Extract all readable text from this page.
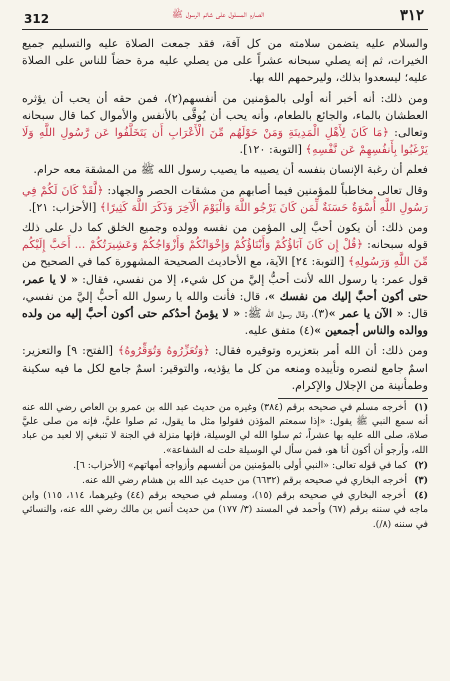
312	الصارم المسلول على شاتم الرسول ﷺ	٣١٢

والسلام عليه يتضمن سلامته من كل آفة، فقد جمعت الصلاة عليه والتسليم جميع الخيرات، ثم إنه يصلي سبحانه عشراً على من يصلي عليه مرة حضاً للناس على الصلاة عليه؛ ليسعدوا بذلك، وليرحمهم الله بها.

ومن ذلك: أنه أخبر أنه أولى بالمؤمنين من أنفسهم(٢)، فمن حقه أن يحب أن يؤثره العطشان بالماء، والجائع بالطعام، وأنه يحب أن يُوقَّى بالأنفس والأموال كما قال سبحانه وتعالى: ﴿مَا كَانَ لِأَهْلِ الْمَدِينَةِ وَمَنْ حَوْلَهُم مِّنَ الْأَعْرَابِ أَن يَتَخَلَّفُوا عَن رَّسُولِ اللَّهِ وَلَا يَرْغَبُوا بِأَنفُسِهِمْ عَن نَّفْسِهِ﴾ [التوبة: ١٢٠].

فعلم أن رغبة الإنسان بنفسه أن يصيبه ما يصيب رسول الله ﷺ من المشقة معه حرام.

وقال تعالى مخاطباً للمؤمنين فيما أصابهم من مشقات الحصر والجهاد: ﴿لَّقَدْ كَانَ لَكُمْ فِي رَسُولِ اللَّهِ أُسْوَةٌ حَسَنَةٌ لِّمَن كَانَ يَرْجُو اللَّهَ وَالْيَوْمَ الْآخِرَ وَذَكَرَ اللَّهَ كَثِيرًا﴾ [الأحزاب: ٢١].

ومن ذلك: أن يكون أحبَّ إلى المؤمن من نفسه وولده وجميع الخلق كما دل على ذلك قوله سبحانه: ﴿قُلْ إِن كَانَ آبَاؤُكُمْ وَأَبْنَاؤُكُمْ وَإِخْوَانُكُمْ وَأَزْوَاجُكُمْ وَعَشِيرَتُكُمْ ... أَحَبَّ إِلَيْكُم مِّنَ اللَّهِ وَرَسُولِهِ﴾ [التوبة: ٢٤] الآية، مع الأحاديث الصحيحة المشهورة كما في الصحيح من قول عمر: يا رسول الله لأنت أحبُّ إليَّ من كل شيء، إلا من نفسي، فقال: « لا يا عمر، حتى أكون أحبَّ إليك من نفسك »، قال: فأنت والله يا رسول الله أحبُّ إليَّ من نفسي، قال: « الآن يا عمر »(٣)، وقال رسول الله ﷺ: « لا يؤمنُ أحدُكم حتى أكون أحبَّ إليه من ولده ووالده والناس أجمعين »(٤) متفق عليه.

ومن ذلك: أن الله أمر بتعزيره وتوقيره فقال: ﴿وَتُعَزِّرُوهُ وَتُوَقِّرُوهُ﴾ [الفتح: ٩] والتعزير: اسمٌ جامع لنصره وتأييده ومنعه من كل ما يؤذيه، والتوقير: اسمٌ جامع لكل ما فيه سكينة وطمأنينة من الإجلال والإكرام.

(١) أخرجه مسلم في صحيحه برقم (٣٨٤) وغيره من حديث عبد الله بن عمرو بن العاص رضي الله عنه أنه سمع النبي ﷺ يقول: «إذا سمعتم المؤذن فقولوا مثل ما يقول، ثم صلوا عليَّ، فإنه من صلى عليَّ صلاة، صلى الله عليه بها عشراً، ثم سلوا الله لي الوسيلة، فإنها منزلة في الجنة لا تنبغي إلا لعبد من عباد الله، وأرجو أن أكون أنا هو، فمن سأل لي الوسيلة حلت له الشفاعة».
(٢) كما في قوله تعالى: «النبي أولى بالمؤمنين من أنفسهم وأزواجه أمهاتهم» [الأحزاب: ٦].
(٣) أخرجه البخاري في صحيحه برقم (٦٦٣٢) من حديث عبد الله بن هشام رضي الله عنه.
(٤) أخرجه البخاري في صحيحه برقم (١٥)، ومسلم في صحيحه برقم (٤٤) وغيرهما، ١١٤، ١١٥) وابن ماجه في سننه برقم (٦٧) وأحمد في المسند (٣/ ١٧٧) من حديث أنس بن مالك رضي الله عنه، والنسائي في سننه (٨/).
